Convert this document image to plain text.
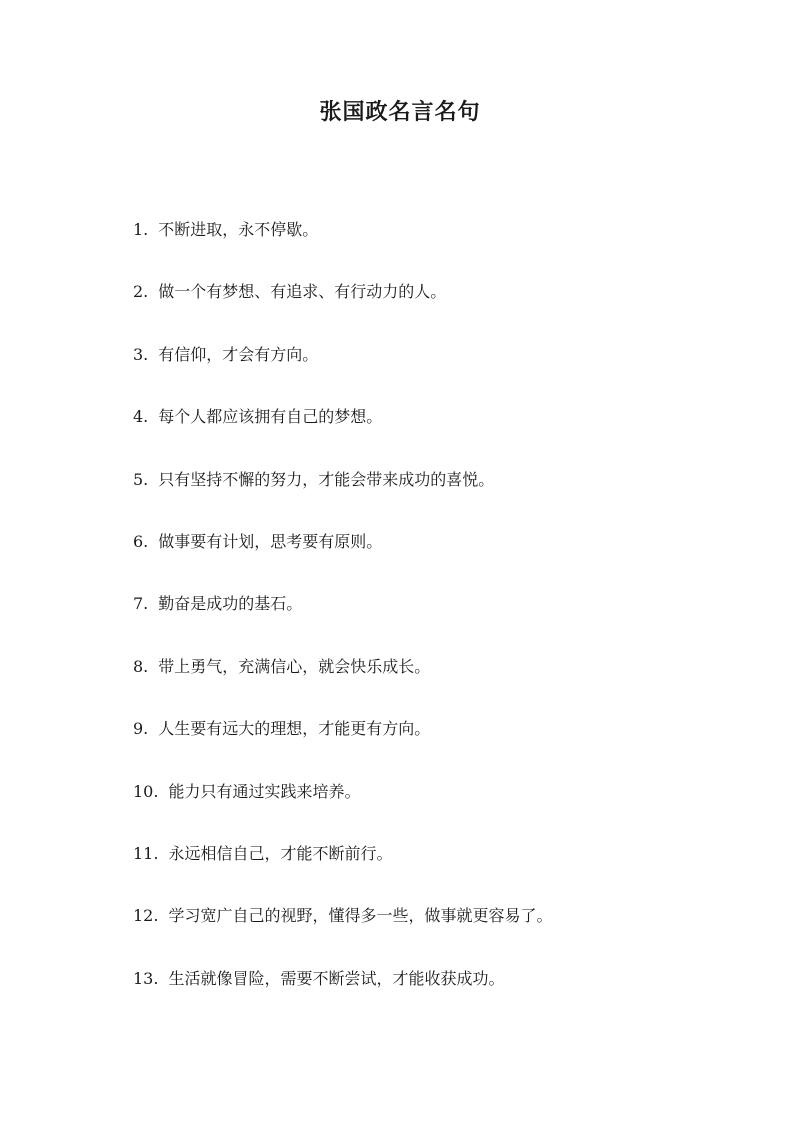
张国政名言名句
1. 不断进取，永不停歇。
2. 做一个有梦想、有追求、有行动力的人。
3. 有信仰，才会有方向。
4. 每个人都应该拥有自己的梦想。
5. 只有坚持不懈的努力，才能会带来成功的喜悦。
6. 做事要有计划，思考要有原则。
7. 勤奋是成功的基石。
8. 带上勇气，充满信心，就会快乐成长。
9. 人生要有远大的理想，才能更有方向。
10. 能力只有通过实践来培养。
11. 永远相信自己，才能不断前行。
12. 学习宽广自己的视野，懂得多一些，做事就更容易了。
13. 生活就像冒险，需要不断尝试，才能收获成功。
